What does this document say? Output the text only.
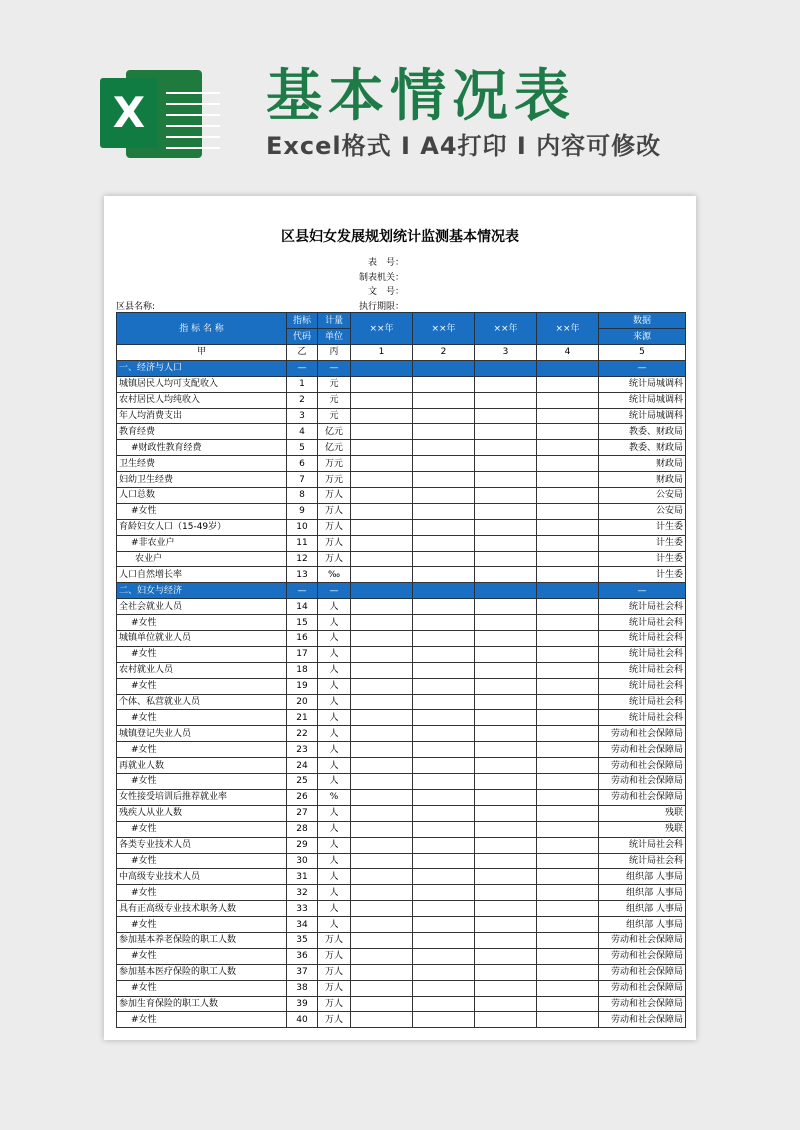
X 基本情况表
Excel格式 I A4打印 I 内容可修改
区县妇女发展规划统计监测基本情况表
表　号：
制表机关：
文　号：
执行期限：
区县名称:
指 标 名 称	指标	计量	××年	××年	××年	××年	数据
	代码	单位					来源
甲	乙	丙	1	2	3	4	5
一、经济与人口	—	—					—
城镇居民人均可支配收入	1	元					统计局城调科
农村居民人均纯收入	2	元					统计局城调科
年人均消费支出	3	元					统计局城调科
教育经费	4	亿元					教委、财政局
#财政性教育经费	5	亿元					教委、财政局
卫生经费	6	万元					财政局
妇幼卫生经费	7	万元					财政局
人口总数	8	万人					公安局
#女性	9	万人					公安局
育龄妇女人口（15-49岁）	10	万人					计生委
#非农业户	11	万人					计生委
农业户	12	万人					计生委
人口自然增长率	13	‰					计生委
二、妇女与经济	—	—					—
全社会就业人员	14	人					统计局社会科
#女性	15	人					统计局社会科
城镇单位就业人员	16	人					统计局社会科
#女性	17	人					统计局社会科
农村就业人员	18	人					统计局社会科
#女性	19	人					统计局社会科
个体、私营就业人员	20	人					统计局社会科
#女性	21	人					统计局社会科
城镇登记失业人员	22	人					劳动和社会保障局
#女性	23	人					劳动和社会保障局
再就业人数	24	人					劳动和社会保障局
#女性	25	人					劳动和社会保障局
女性接受培训后推荐就业率	26	%					劳动和社会保障局
残疾人从业人数	27	人					残联
#女性	28	人					残联
各类专业技术人员	29	人					统计局社会科
#女性	30	人					统计局社会科
中高级专业技术人员	31	人					组织部 人事局
#女性	32	人					组织部 人事局
具有正高级专业技术职务人数	33	人					组织部 人事局
#女性	34	人					组织部 人事局
参加基本养老保险的职工人数	35	万人					劳动和社会保障局
#女性	36	万人					劳动和社会保障局
参加基本医疗保险的职工人数	37	万人					劳动和社会保障局
#女性	38	万人					劳动和社会保障局
参加生育保险的职工人数	39	万人					劳动和社会保障局
#女性	40	万人					劳动和社会保障局
